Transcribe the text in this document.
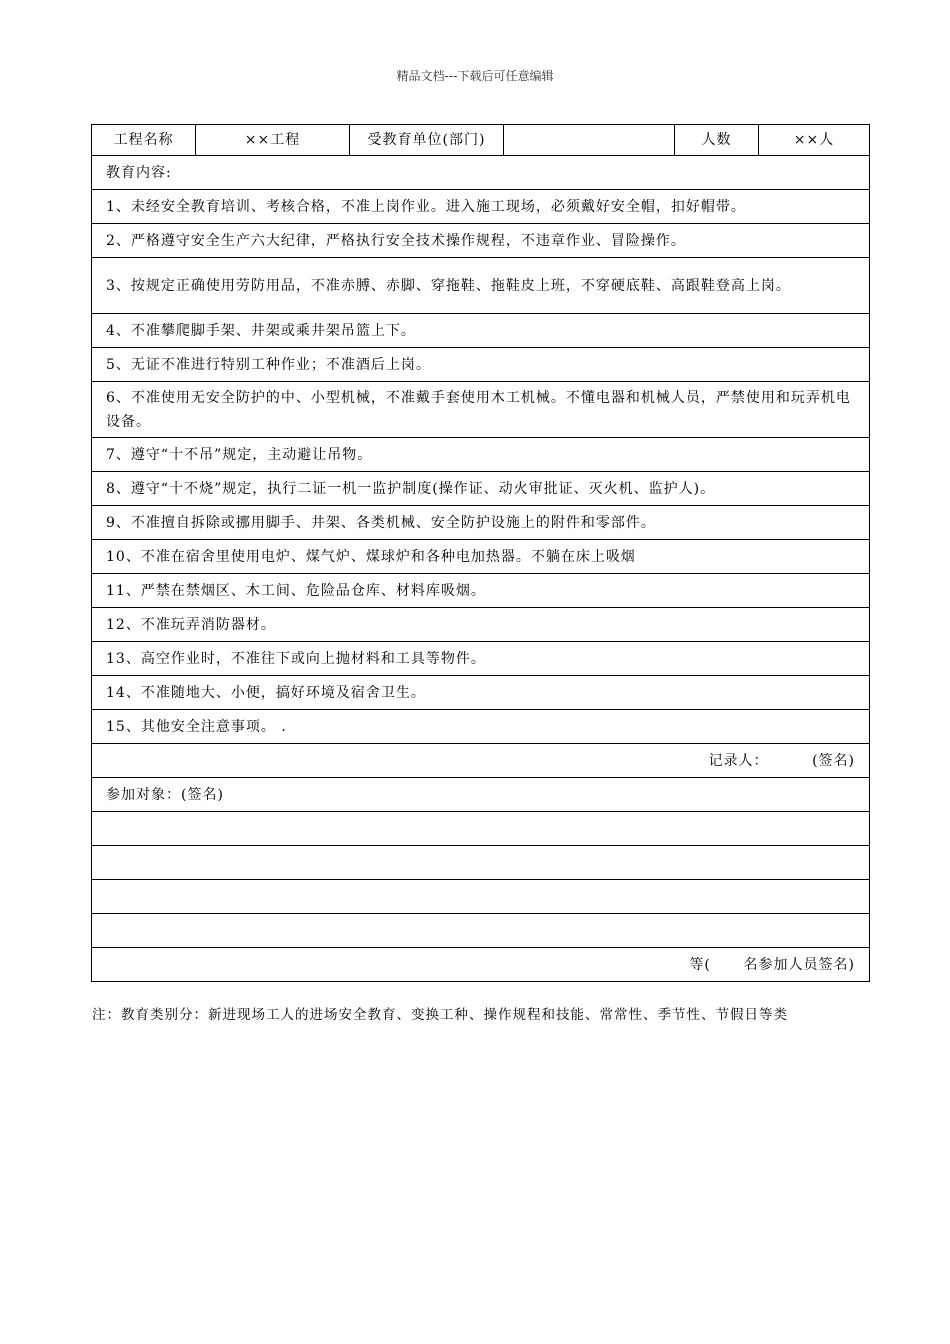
精品文档---下载后可任意编辑
工程名称	××工程	受教育单位(部门)		人数	××人
教育内容:
1、未经安全教育培训、考核合格，不准上岗作业。进入施工现场，必须戴好安全帽，扣好帽带。
2、严格遵守安全生产六大纪律，严格执行安全技术操作规程，不违章作业、冒险操作。
3、按规定正确使用劳防用品，不准赤膊、赤脚、穿拖鞋、拖鞋皮上班，不穿硬底鞋、高跟鞋登高上岗。
4、不准攀爬脚手架、井架或乘井架吊篮上下。
5、无证不准进行特别工种作业；不准酒后上岗。
6、不准使用无安全防护的中、小型机械，不准戴手套使用木工机械。不懂电器和机械人员，严禁使用和玩弄机电设备。
7、遵守“十不吊”规定，主动避让吊物。
8、遵守“十不烧”规定，执行二证一机一监护制度(操作证、动火审批证、灭火机、监护人)。
9、不准擅自拆除或挪用脚手、井架、各类机械、安全防护设施上的附件和零部件。
10、不准在宿舍里使用电炉、煤气炉、煤球炉和各种电加热器。不躺在床上吸烟
11、严禁在禁烟区、木工间、危险品仓库、材料库吸烟。
12、不准玩弄消防器材。
13、高空作业时，不准往下或向上抛材料和工具等物件。
14、不准随地大、小便，搞好环境及宿舍卫生。
15、其他安全注意事项。 .
记录人：        (签名)
参加对象：(签名)

等(      名参加人员签名)
注：教育类别分：新进现场工人的进场安全教育、变换工种、操作规程和技能、常常性、季节性、节假日等类
